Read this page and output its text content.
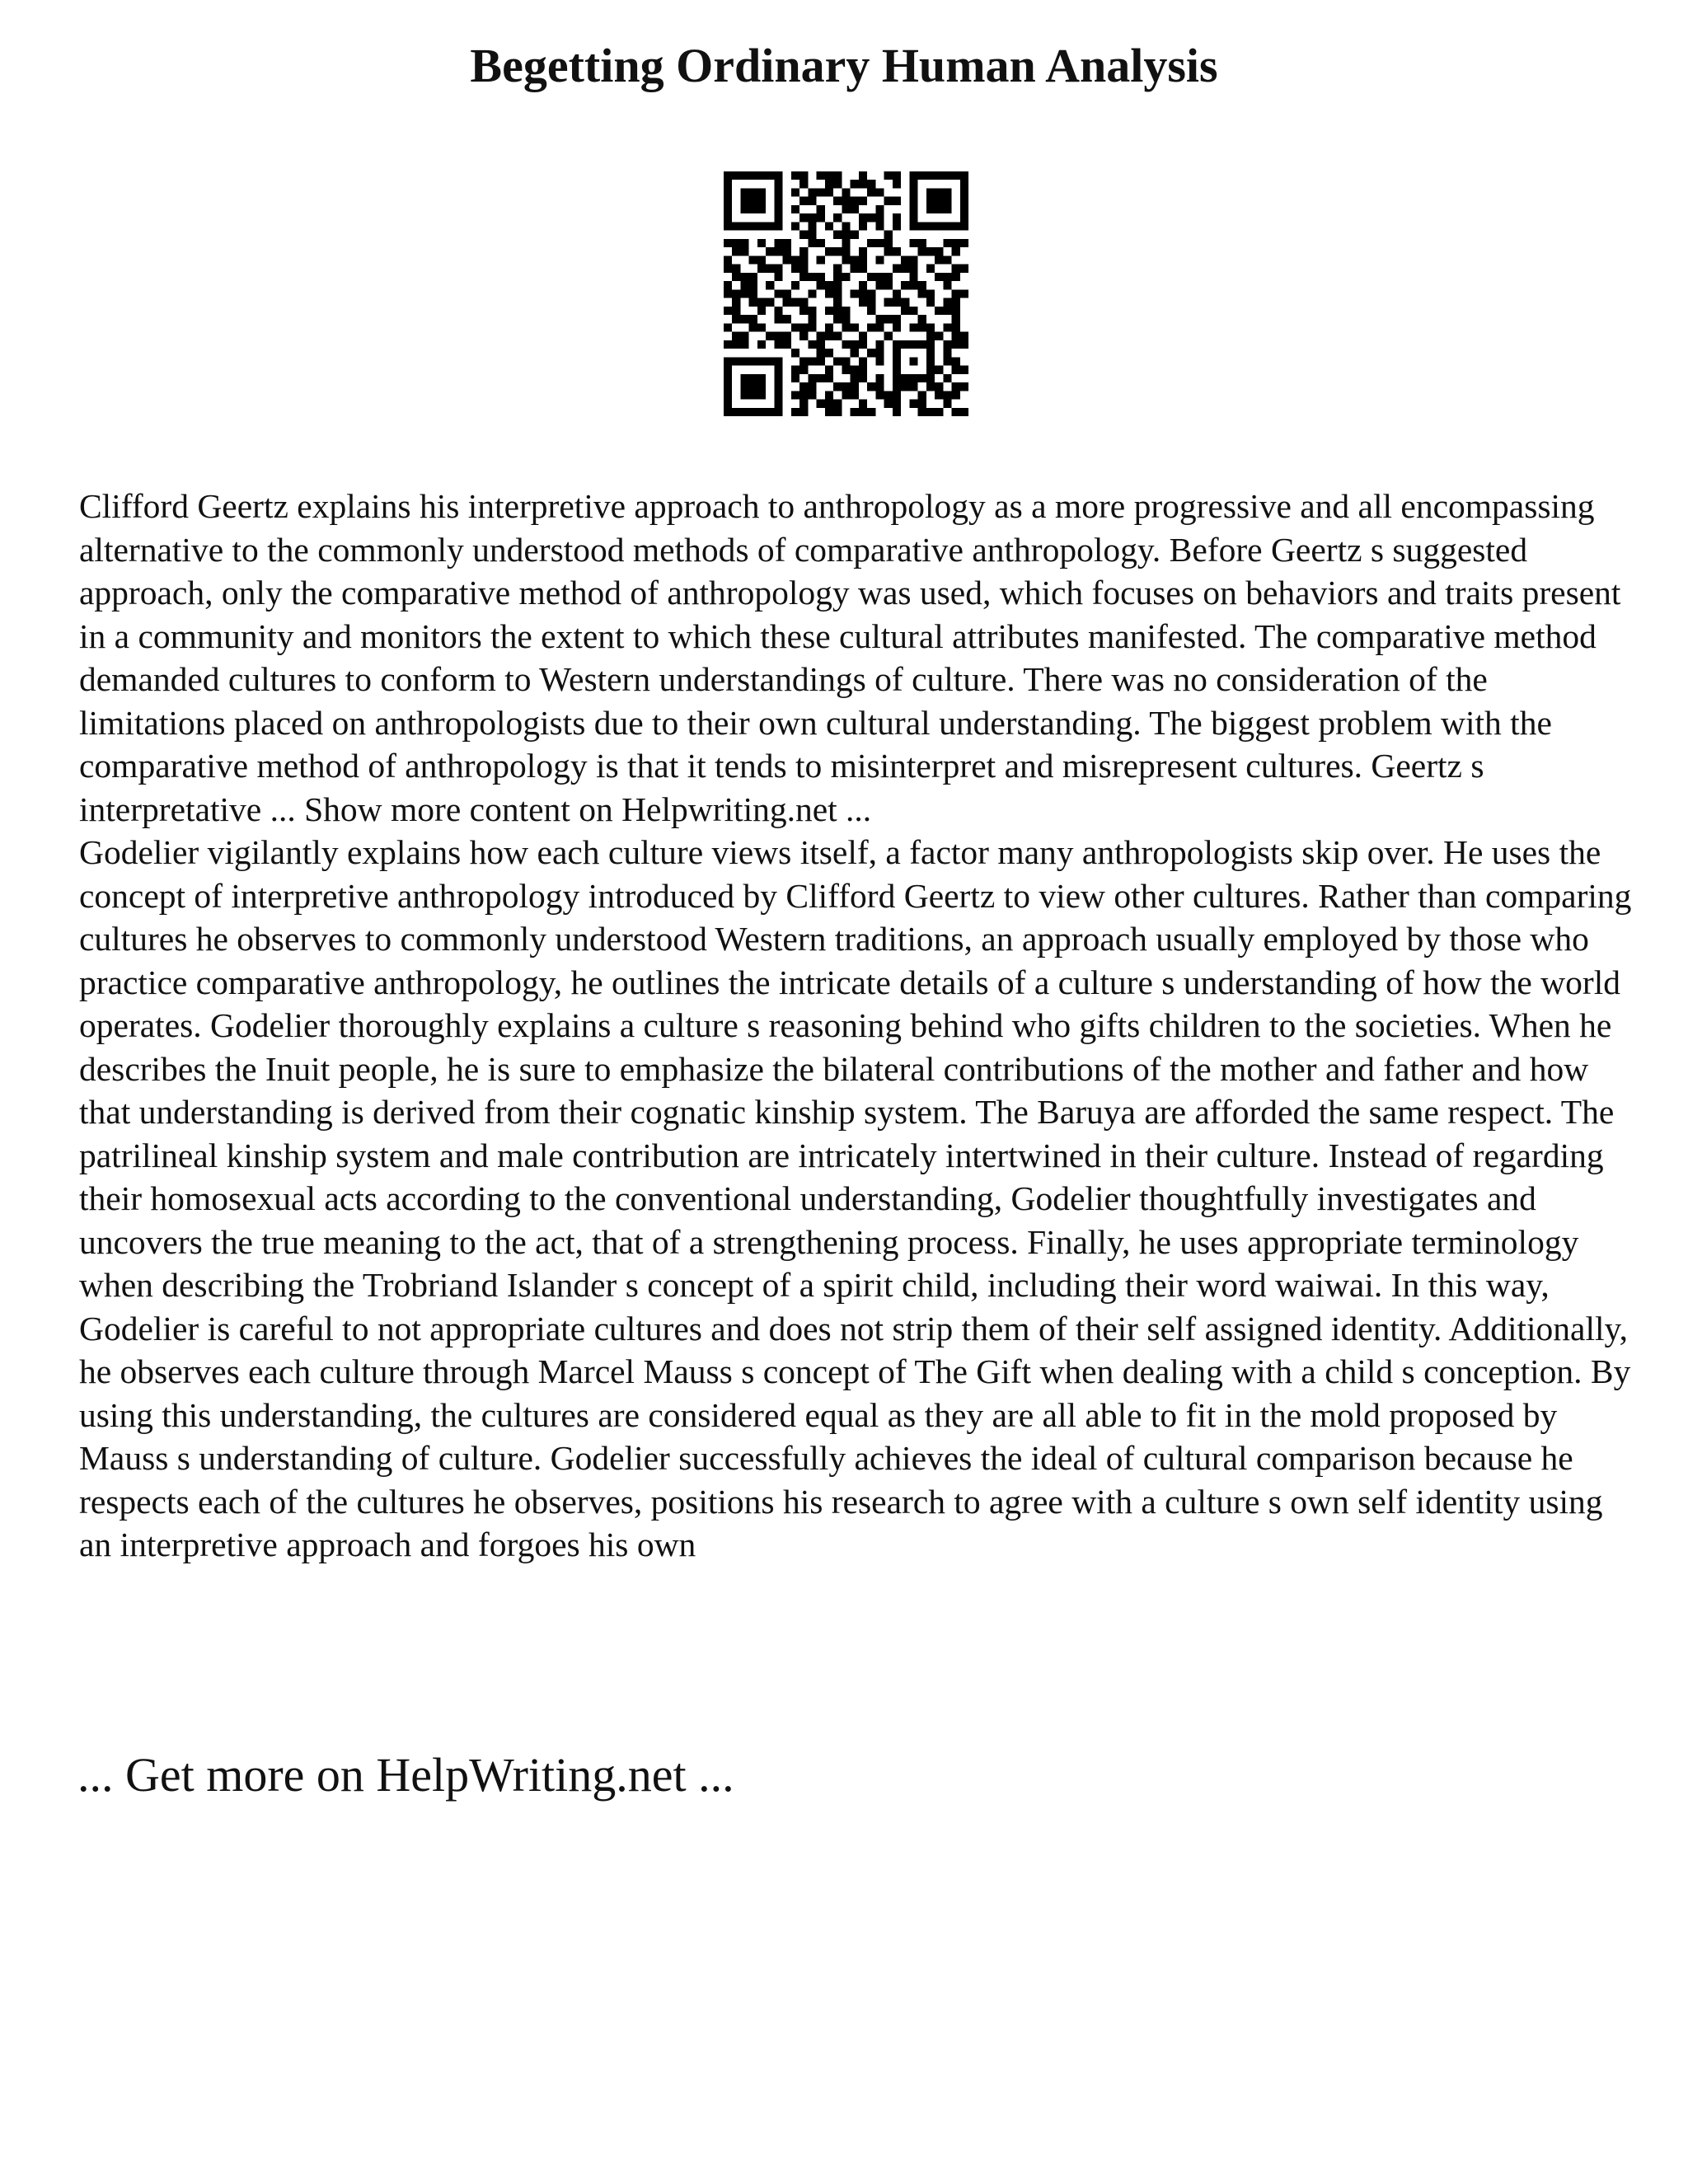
Begetting Ordinary Human Analysis

Clifford Geertz explains his interpretive approach to anthropology as a more progressive and all encompassing alternative to the commonly understood methods of comparative anthropology. Before Geertz s suggested approach, only the comparative method of anthropology was used, which focuses on behaviors and traits present in a community and monitors the extent to which these cultural attributes manifested. The comparative method demanded cultures to conform to Western understandings of culture. There was no consideration of the limitations placed on anthropologists due to their own cultural understanding. The biggest problem with the comparative method of anthropology is that it tends to misinterpret and misrepresent cultures. Geertz s interpretative ... Show more content on Helpwriting.net ...

Godelier vigilantly explains how each culture views itself, a factor many anthropologists skip over. He uses the concept of interpretive anthropology introduced by Clifford Geertz to view other cultures. Rather than comparing cultures he observes to commonly understood Western traditions, an approach usually employed by those who practice comparative anthropology, he outlines the intricate details of a culture s understanding of how the world operates. Godelier thoroughly explains a culture s reasoning behind who gifts children to the societies. When he describes the Inuit people, he is sure to emphasize the bilateral contributions of the mother and father and how that understanding is derived from their cognatic kinship system. The Baruya are afforded the same respect. The patrilineal kinship system and male contribution are intricately intertwined in their culture. Instead of regarding their homosexual acts according to the conventional understanding, Godelier thoughtfully investigates and uncovers the true meaning to the act, that of a strengthening process. Finally, he uses appropriate terminology when describing the Trobriand Islander s concept of a spirit child, including their word waiwai. In this way, Godelier is careful to not appropriate cultures and does not strip them of their self assigned identity. Additionally, he observes each culture through Marcel Mauss s concept of The Gift when dealing with a child s conception. By using this understanding, the cultures are considered equal as they are all able to fit in the mold proposed by Mauss s understanding of culture. Godelier successfully achieves the ideal of cultural comparison because he respects each of the cultures he observes, positions his research to agree with a culture s own self identity using an interpretive approach and forgoes his own

... Get more on HelpWriting.net ...
